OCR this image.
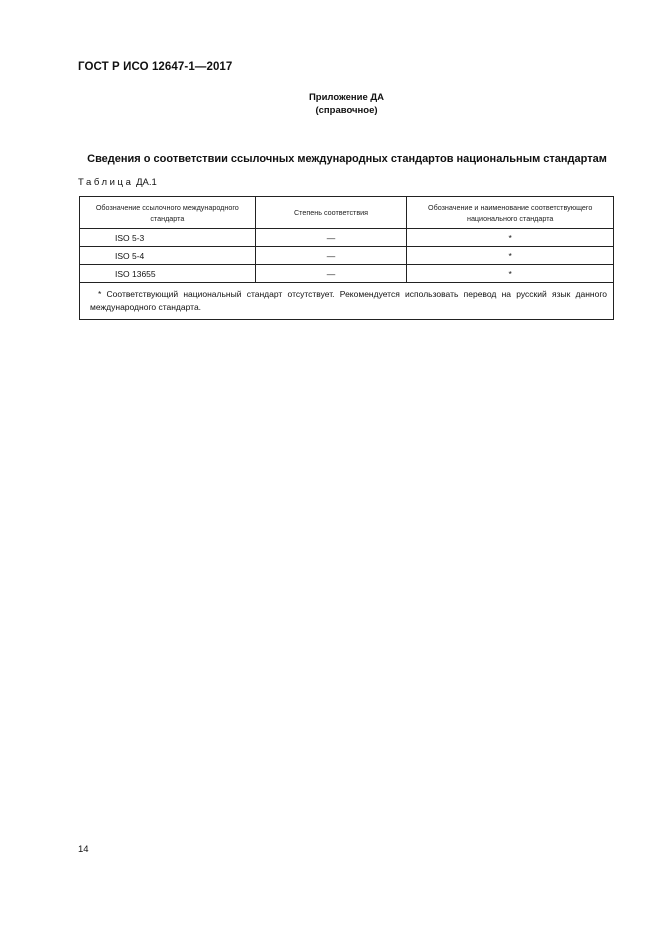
ГОСТ Р ИСО 12647-1—2017
Приложение ДА
(справочное)
Сведения о соответствии ссылочных международных стандартов национальным стандартам
Таблица ДА.1
Обозначение ссылочного международного стандарта	Степень соответствия	Обозначение и наименование соответствующего национального стандарта
ISO 5-3	—	*
ISO 5-4	—	*
ISO 13655	—	*
* Соответствующий национальный стандарт отсутствует. Рекомендуется использовать перевод на русский язык данного международного стандарта.		
14
